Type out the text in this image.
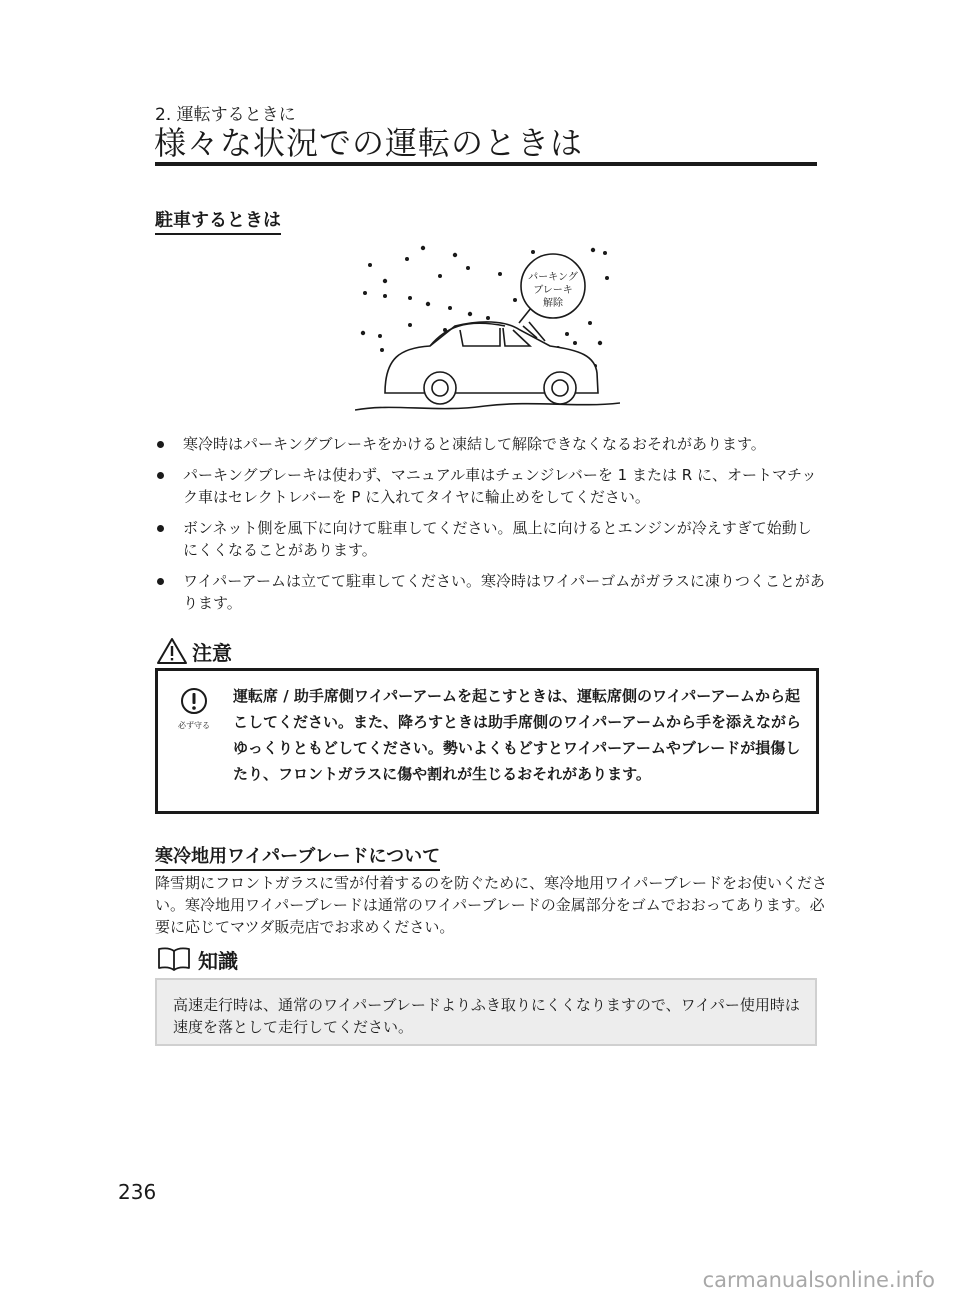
2. 運転するときに
様々な状況での運転のときは
駐車するときは
パーキング
ブレーキ
解除
寒冷時はパーキングブレーキをかけると凍結して解除できなくなるおそれがあります。
パーキングブレーキは使わず、マニュアル車はチェンジレバーを 1 または R に、オートマチック車はセレクトレバーを P に入れてタイヤに輪止めをしてください。
ボンネット側を風下に向けて駐車してください。風上に向けるとエンジンが冷えすぎて始動しにくくなることがあります。
ワイパーアームは立てて駐車してください。寒冷時はワイパーゴムがガラスに凍りつくことがあります。
注意
必ず守る
運転席 / 助手席側ワイパーアームを起こすときは、運転席側のワイパーアームから起こしてください。また、降ろすときは助手席側のワイパーアームから手を添えながらゆっくりともどしてください。勢いよくもどすとワイパーアームやブレードが損傷したり、フロントガラスに傷や割れが生じるおそれがあります。
寒冷地用ワイパーブレードについて
降雪期にフロントガラスに雪が付着するのを防ぐために、寒冷地用ワイパーブレードをお使いください。寒冷地用ワイパーブレードは通常のワイパーブレードの金属部分をゴムでおおってあります。必要に応じてマツダ販売店でお求めください。
知識
高速走行時は、通常のワイパーブレードよりふき取りにくくなりますので、ワイパー使用時は速度を落として走行してください。
236
carmanualsonline.info
